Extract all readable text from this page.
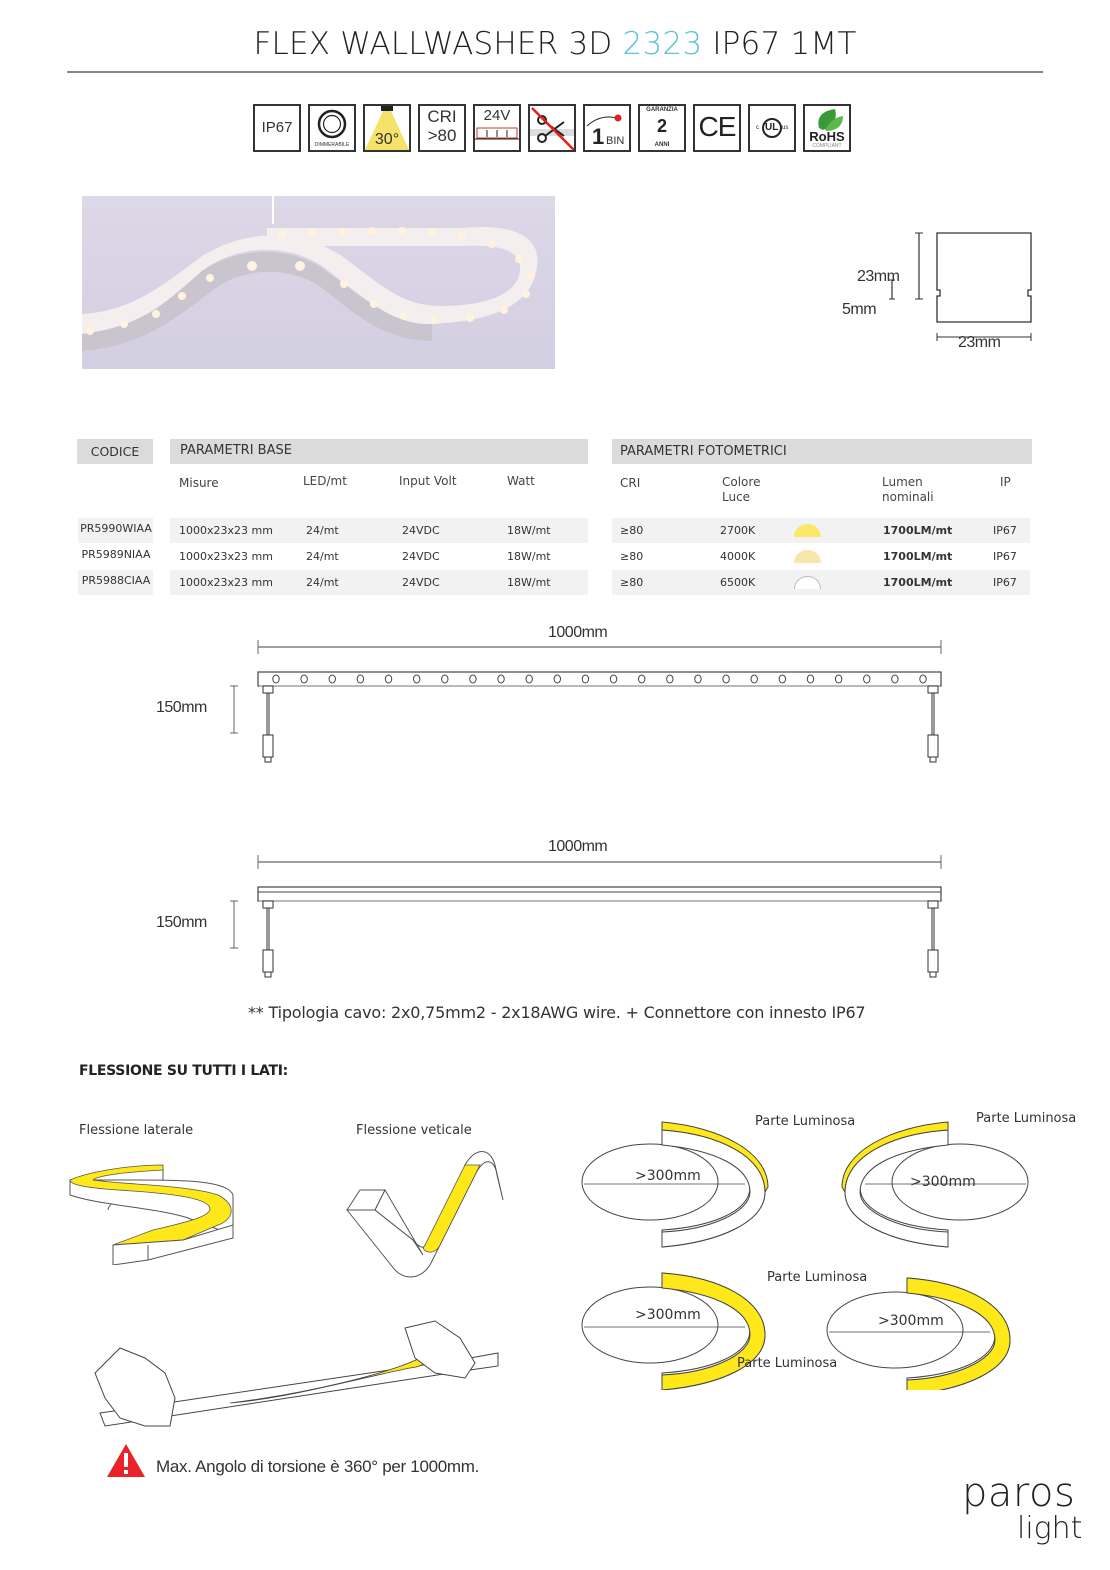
FLEX WALLWASHER 3D 2323 IP67 1MT
IP67
DIMMERABILE	30°
CRI
>80
24V
1 BIN
GARANZIA
2
ANNI
CE	UL
c	us
RoHS
COMPLIANT
23mm
5mm
23mm
CODICE	PARAMETRI BASE	PARAMETRI FOTOMETRICI
Misure	LED/mt	Input Volt	Watt	CRI	Colore
Luce
Lumen
nominali
IP
PR5990WIAA 1000x23x23 mm	24/mt	24VDC	18W/mt	≥80	2700K	1700LM/mt	IP67
PR5989NIAA	1000x23x23 mm	24/mt	24VDC	18W/mt	≥80	4000K	1700LM/mt	IP67
PR5988CIAA	1000x23x23 mm	24/mt	24VDC	18W/mt	≥80	6500K	1700LM/mt	IP67
1000mm
150mm
1000mm
150mm
** Tipologia cavo: 2x0,75mm2 - 2x18AWG wire. + Connettore con innesto IP67
FLESSIONE SU TUTTI I LATI:
Flessione laterale	Flessione veticale
Parte Luminosa	Parte Luminosa
Parte Luminosa
Parte Luminosa
>300mm	>300mm
>300mm	>300mm
Max. Angolo di torsione è 360° per 1000mm.
paros
light
